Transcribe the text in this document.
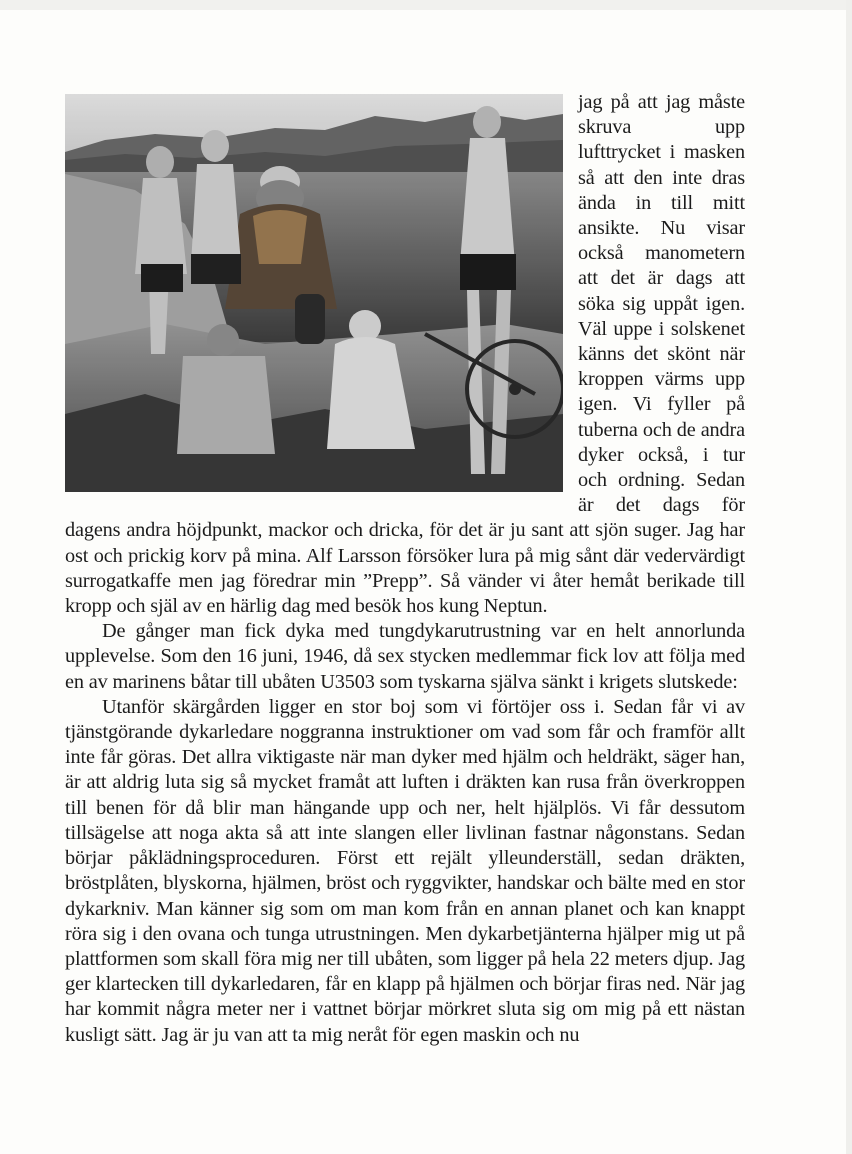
jag på att jag måste skruva upp lufttrycket i masken så att den inte dras ända in till mitt ansikte. Nu visar också manometern att det är dags att söka sig uppåt igen. Väl uppe i solskenet känns det skönt när kroppen värms upp igen. Vi fyller på tuberna och de andra dyker också, i tur och ordning. Sedan är det dags för dagens andra höjdpunkt, mackor och dricka, för det är ju sant att sjön suger. Jag har ost och prickig korv på mina. Alf Larsson försöker lura på mig sånt där vedervärdigt surrogatkaffe men jag föredrar min ”Prepp”. Så vänder vi åter hemåt berikade till kropp och själ av en härlig dag med besök hos kung Neptun.

De gånger man fick dyka med tungdykarutrustning var en helt annorlunda upplevelse. Som den 16 juni, 1946, då sex stycken medlemmar fick lov att följa med en av marinens båtar till ubåten U3503 som tyskarna själva sänkt i krigets slutskede:

Utanför skärgården ligger en stor boj som vi förtöjer oss i. Sedan får vi av tjänstgörande dykarledare noggranna instruktioner om vad som får och framför allt inte får göras. Det allra viktigaste när man dyker med hjälm och heldräkt, säger han, är att aldrig luta sig så mycket framåt att luften i dräkten kan rusa från överkroppen till benen för då blir man hängande upp och ner, helt hjälplös. Vi får dessutom tillsägelse att noga akta så att inte slangen eller livlinan fastnar någonstans. Sedan börjar påklädningsproceduren. Först ett rejält ylleunderställ, sedan dräkten, bröstplåten, blyskorna, hjälmen, bröst och ryggvikter, handskar och bälte med en stor dykarkniv. Man känner sig som om man kom från en annan planet och kan knappt röra sig i den ovana och tunga utrustningen. Men dykarbetjänterna hjälper mig ut på plattformen som skall föra mig ner till ubåten, som ligger på hela 22 meters djup. Jag ger klartecken till dykarledaren, får en klapp på hjälmen och börjar firas ned. När jag har kommit några meter ner i vattnet börjar mörkret sluta sig om mig på ett nästan kusligt sätt. Jag är ju van att ta mig neråt för egen maskin och nu
